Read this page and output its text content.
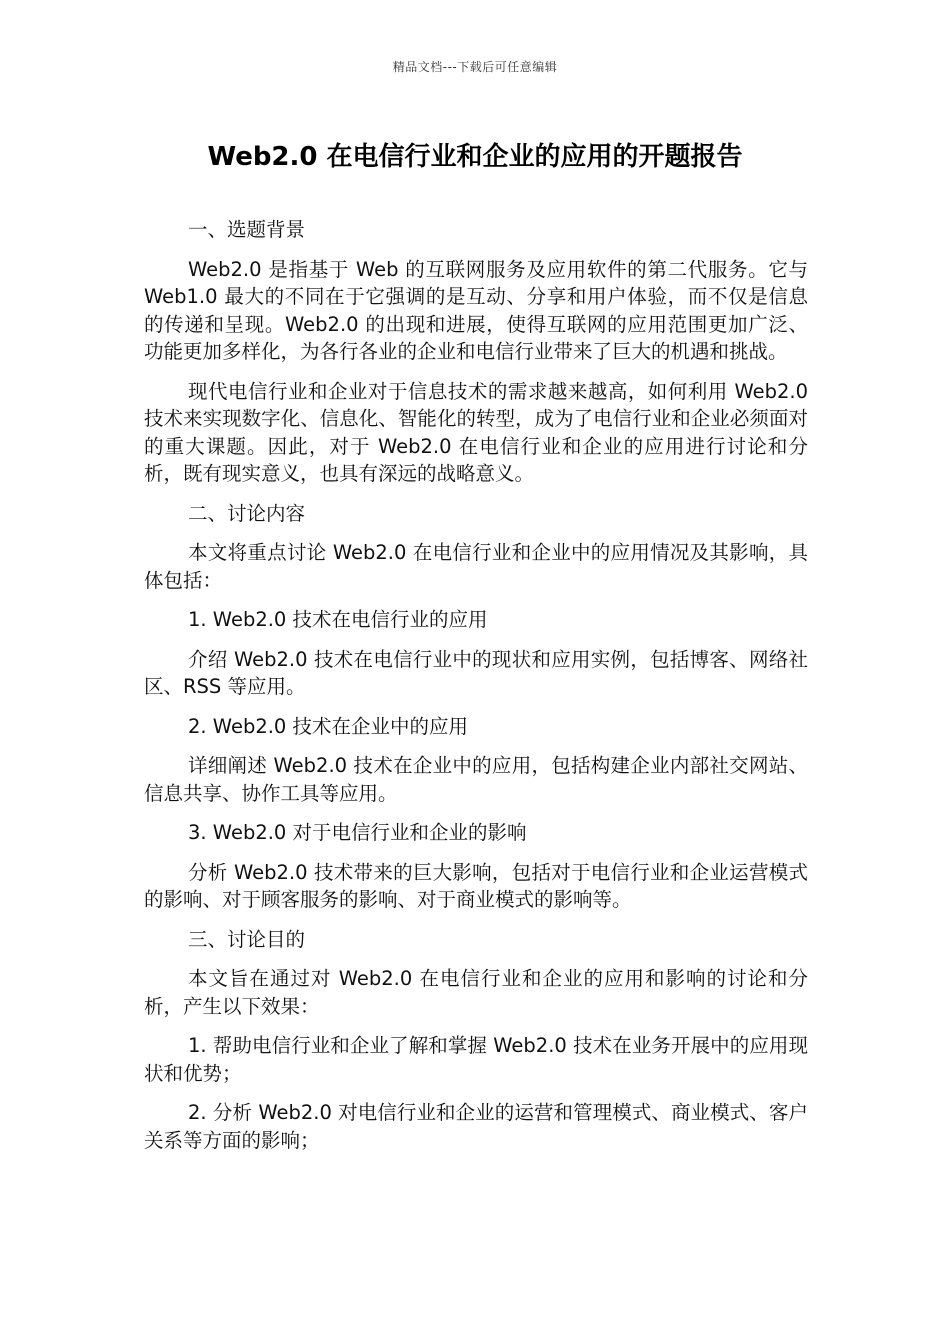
精品文档---下载后可任意编辑
Web2.0 在电信行业和企业的应用的开题报告

一、选题背景

Web2.0 是指基于 Web 的互联网服务及应用软件的第二代服务。它与 Web1.0 最大的不同在于它强调的是互动、分享和用户体验，而不仅是信息的传递和呈现。Web2.0 的出现和进展，使得互联网的应用范围更加广泛、功能更加多样化，为各行各业的企业和电信行业带来了巨大的机遇和挑战。

现代电信行业和企业对于信息技术的需求越来越高，如何利用 Web2.0 技术来实现数字化、信息化、智能化的转型，成为了电信行业和企业必须面对的重大课题。因此，对于 Web2.0 在电信行业和企业的应用进行讨论和分析，既有现实意义，也具有深远的战略意义。

二、讨论内容

本文将重点讨论 Web2.0 在电信行业和企业中的应用情况及其影响，具体包括：

1. Web2.0 技术在电信行业的应用

介绍 Web2.0 技术在电信行业中的现状和应用实例，包括博客、网络社区、RSS 等应用。

2. Web2.0 技术在企业中的应用

详细阐述 Web2.0 技术在企业中的应用，包括构建企业内部社交网站、信息共享、协作工具等应用。

3. Web2.0 对于电信行业和企业的影响

分析 Web2.0 技术带来的巨大影响，包括对于电信行业和企业运营模式的影响、对于顾客服务的影响、对于商业模式的影响等。

三、讨论目的

本文旨在通过对 Web2.0 在电信行业和企业的应用和影响的讨论和分析，产生以下效果：

1. 帮助电信行业和企业了解和掌握 Web2.0 技术在业务开展中的应用现状和优势；

2. 分析 Web2.0 对电信行业和企业的运营和管理模式、商业模式、客户关系等方面的影响；
